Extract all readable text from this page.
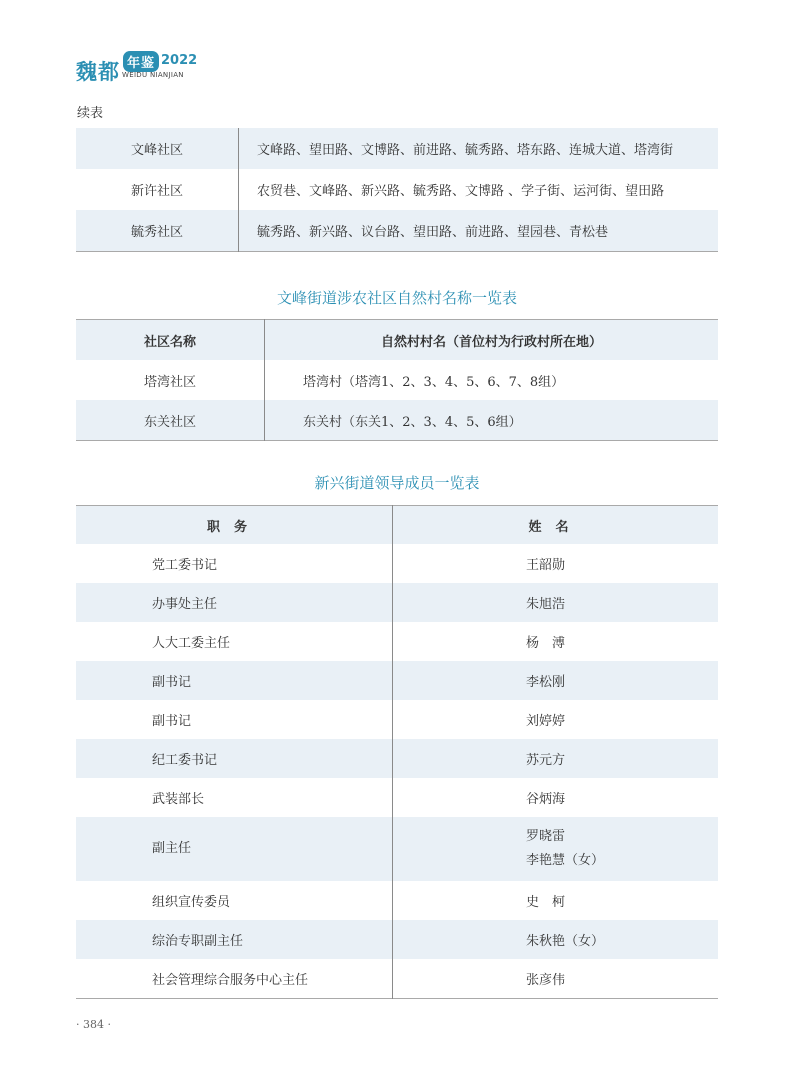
魏都 年鉴 2022
WEIDU NIANJIAN
续表
文峰社区	文峰路、望田路、文博路、前进路、毓秀路、塔东路、连城大道、塔湾街
新许社区	农贸巷、文峰路、新兴路、毓秀路、文博路 、学子街、运河街、望田路
毓秀社区	毓秀路、新兴路、议台路、望田路、前进路、望园巷、青松巷
文峰街道涉农社区自然村名称一览表
社区名称	自然村村名（首位村为行政村所在地）
塔湾社区	塔湾村（塔湾1、2、3、4、5、6、7、8组）
东关社区	东关村（东关1、2、3、4、5、6组）
新兴街道领导成员一览表
职务	姓名
党工委书记	王韶勋
办事处主任	朱旭浩
人大工委主任	杨　溥
副书记	李松刚
副书记	刘婷婷
纪工委书记	苏元方
武装部长	谷炳海
副主任	罗晓雷
李艳慧（女）

组织宣传委员	史　柯
综治专职副主任	朱秋艳（女）
社会管理综合服务中心主任	张彦伟
· 384 ·
